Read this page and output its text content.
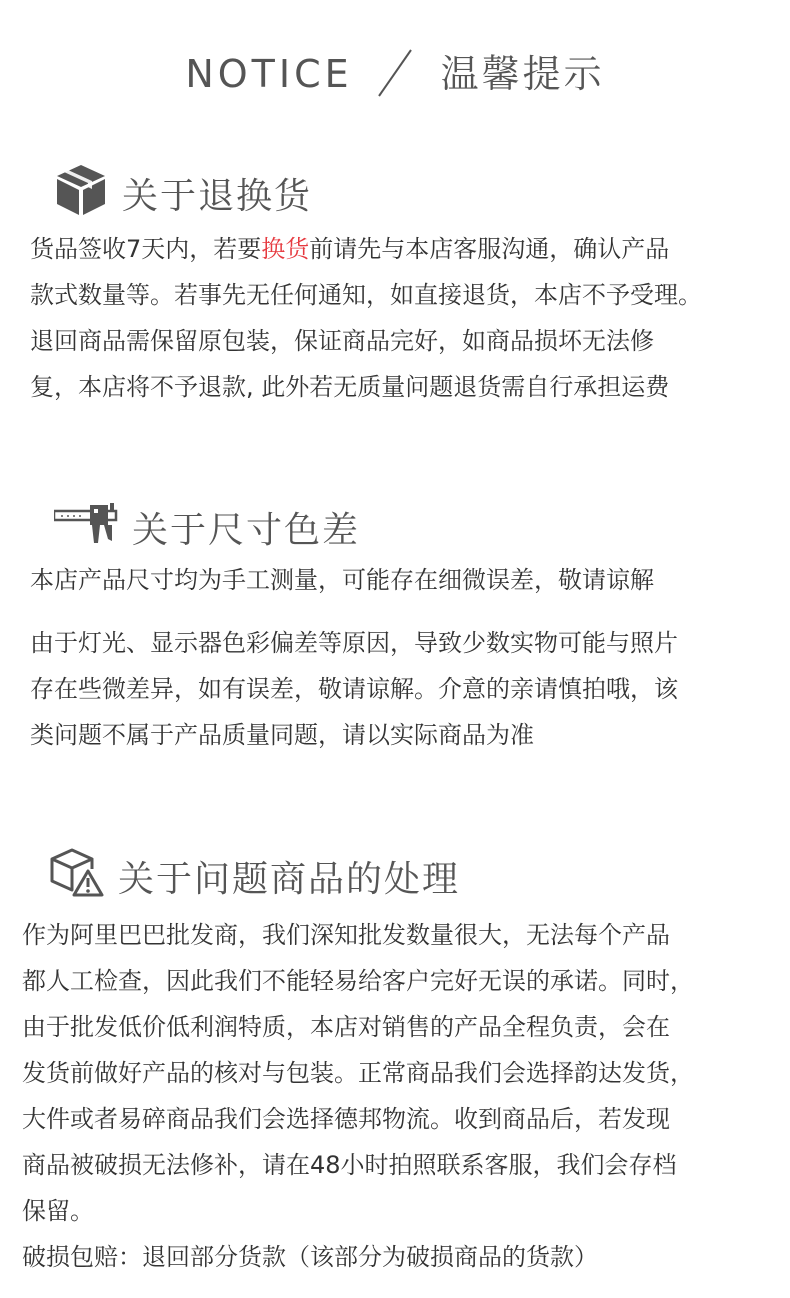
NOTICE 温馨提示
关于退换货
货品签收7天内，若要换货前请先与本店客服沟通，确认产品
款式数量等。若事先无任何通知，如直接退货，本店不予受理。
退回商品需保留原包装，保证商品完好，如商品损坏无法修
复，本店将不予退款, 此外若无质量问题退货需自行承担运费
关于尺寸色差
本店产品尺寸均为手工测量，可能存在细微误差，敬请谅解
由于灯光、显示器色彩偏差等原因，导致少数实物可能与照片
存在些微差异，如有误差，敬请谅解。介意的亲请慎拍哦，该
类问题不属于产品质量同题，请以实际商品为准
关于问题商品的处理
作为阿里巴巴批发商，我们深知批发数量很大，无法每个产品
都人工检查，因此我们不能轻易给客户完好无误的承诺。同时，
由于批发低价低利润特质，本店对销售的产品全程负责，会在
发货前做好产品的核对与包装。正常商品我们会选择韵达发货，
大件或者易碎商品我们会选择德邦物流。收到商品后，若发现
商品被破损无法修补，请在48小时拍照联系客服，我们会存档
保留。
破损包赔：退回部分货款（该部分为破损商品的货款）
